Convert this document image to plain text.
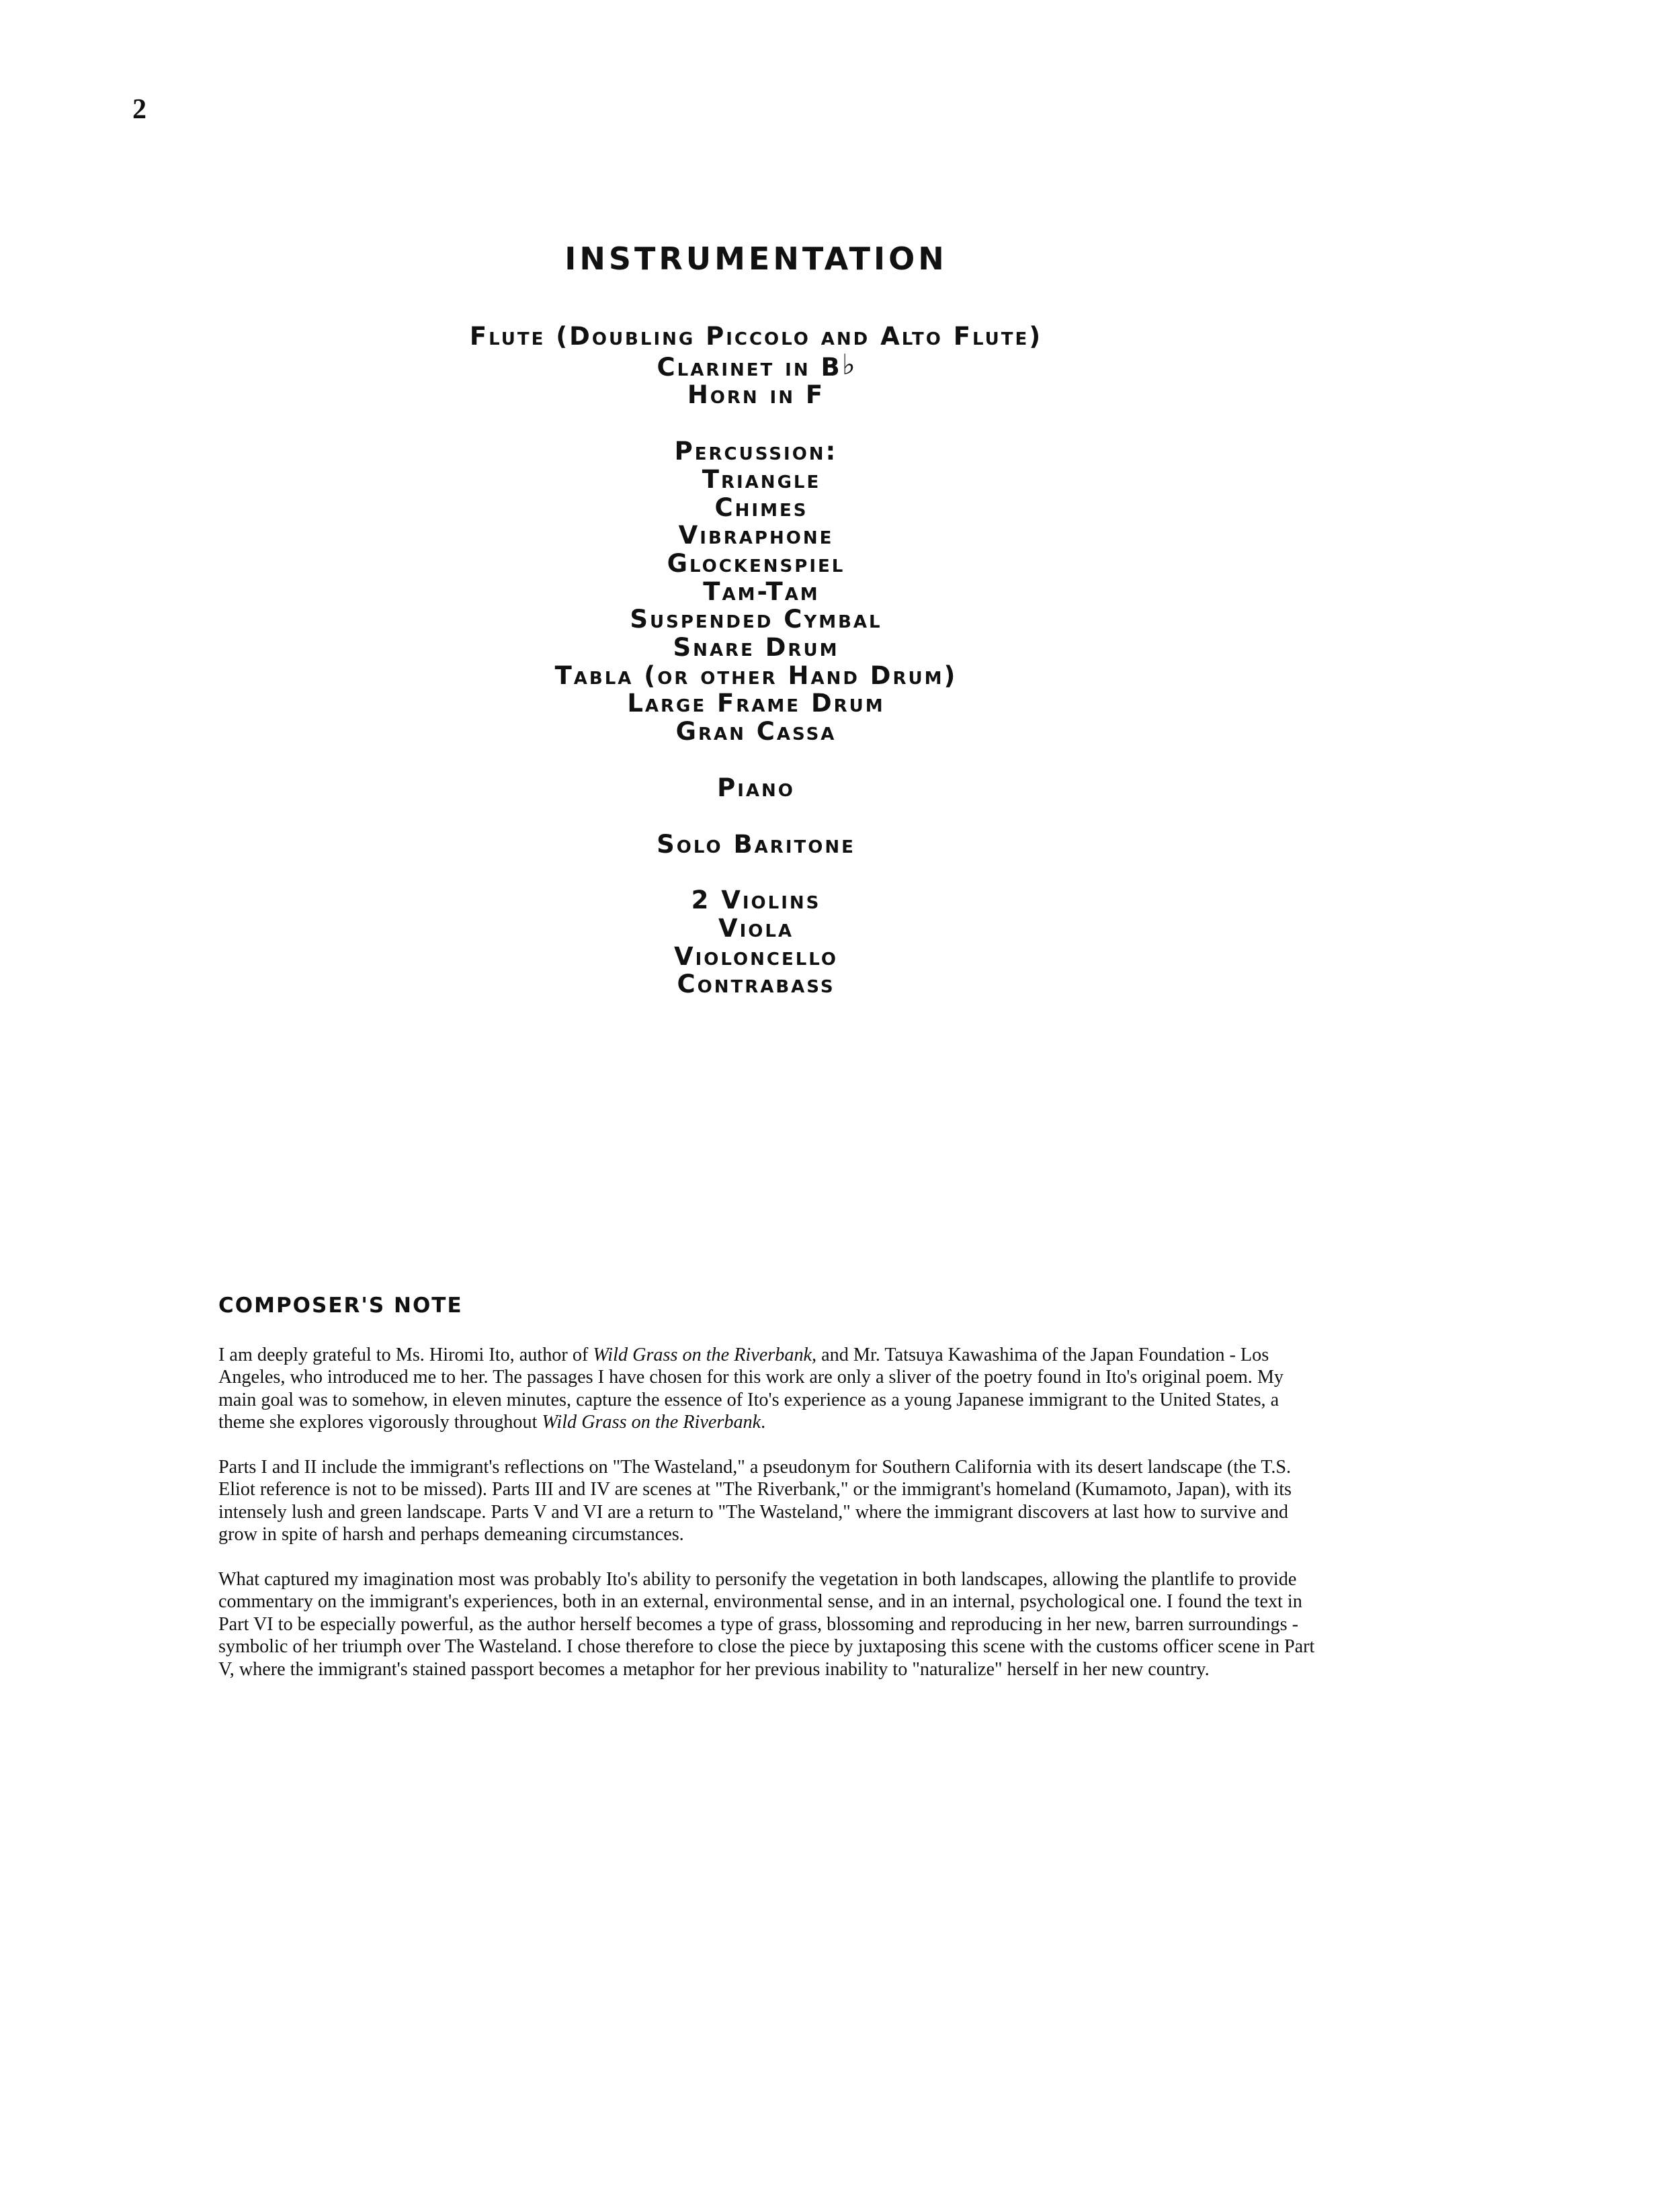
2
INSTRUMENTATION
Flute (Doubling Piccolo and Alto Flute)
Clarinet in B♭
Horn in F
Percussion:
Triangle
Chimes
Vibraphone
Glockenspiel
Tam-Tam
Suspended Cymbal
Snare Drum
Tabla (or other Hand Drum)
Large Frame Drum
Gran Cassa
Piano
Solo Baritone
2 Violins
Viola
Violoncello
Contrabass
COMPOSER'S NOTE

I am deeply grateful to Ms. Hiromi Ito, author of Wild Grass on the Riverbank, and Mr. Tatsuya Kawashima of the Japan Foundation - Los Angeles, who introduced me to her. The passages I have chosen for this work are only a sliver of the poetry found in Ito's original poem. My main goal was to somehow, in eleven minutes, capture the essence of Ito's experience as a young Japanese immigrant to the United States, a theme she explores vigorously throughout Wild Grass on the Riverbank.

Parts I and II include the immigrant's reflections on "The Wasteland," a pseudonym for Southern California with its desert landscape (the T.S. Eliot reference is not to be missed). Parts III and IV are scenes at "The Riverbank," or the immigrant's homeland (Kumamoto, Japan), with its intensely lush and green landscape. Parts V and VI are a return to "The Wasteland," where the immigrant discovers at last how to survive and grow in spite of harsh and perhaps demeaning circumstances.

What captured my imagination most was probably Ito's ability to personify the vegetation in both landscapes, allowing the plantlife to provide commentary on the immigrant's experiences, both in an external, environmental sense, and in an internal, psychological one. I found the text in Part VI to be especially powerful, as the author herself becomes a type of grass, blossoming and reproducing in her new, barren surroundings - symbolic of her triumph over The Wasteland. I chose therefore to close the piece by juxtaposing this scene with the customs officer scene in Part V, where the immigrant's stained passport becomes a metaphor for her previous inability to "naturalize" herself in her new country.
